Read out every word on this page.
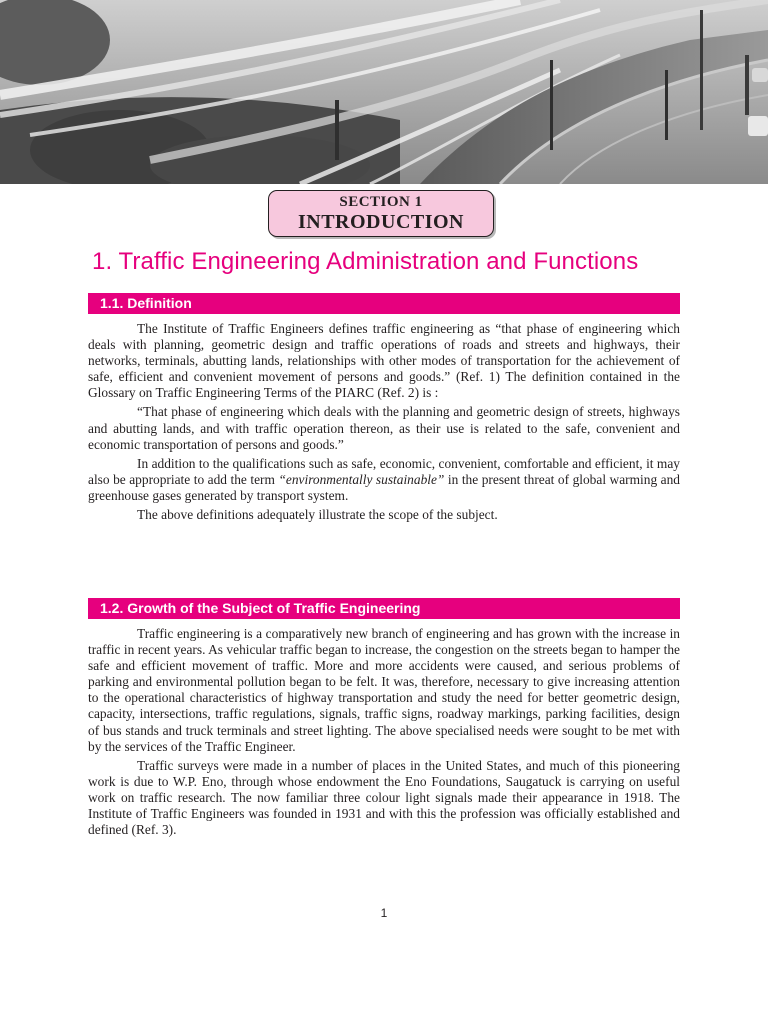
SECTION 1
INTRODUCTION
1. Traffic Engineering Administration and Functions
1.1. Definition

The Institute of Traffic Engineers defines traffic engineering as “that phase of engineering which deals with planning, geometric design and traffic operations of roads and streets and highways, their networks, terminals, abutting lands, relationships with other modes of transportation for the achievement of safe, efficient and convenient movement of persons and goods.” (Ref. 1) The definition contained in the Glossary on Traffic Engineering Terms of the PIARC (Ref. 2) is :

“That phase of engineering which deals with the planning and geometric design of streets, highways and abutting lands, and with traffic operation thereon, as their use is related to the safe, convenient and economic transportation of persons and goods.”

In addition to the qualifications such as safe, economic, convenient, comfortable and efficient, it may also be appropriate to add the term “environmentally sustainable” in the present threat of global warming and greenhouse gases generated by transport system.

The above definitions adequately illustrate the scope of the subject.

1.2. Growth of the Subject of Traffic Engineering

Traffic engineering is a comparatively new branch of engineering and has grown with the increase in traffic in recent years. As vehicular traffic began to increase, the congestion on the streets began to hamper the safe and efficient movement of traffic. More and more accidents were caused, and serious problems of parking and environmental pollution began to be felt. It was, therefore, necessary to give increasing attention to the operational characteristics of highway transportation and study the need for better geometric design, capacity, intersections, traffic regulations, signals, traffic signs, roadway markings, parking facilities, design of bus stands and truck terminals and street lighting. The above specialised needs were sought to be met with by the services of the Traffic Engineer.

Traffic surveys were made in a number of places in the United States, and much of this pioneering work is due to W.P. Eno, through whose endowment the Eno Foundations, Saugatuck is carrying on useful work on traffic research. The now familiar three colour light signals made their appearance in 1918. The Institute of Traffic Engineers was founded in 1931 and with this the profession was officially established and defined (Ref. 3).

1
